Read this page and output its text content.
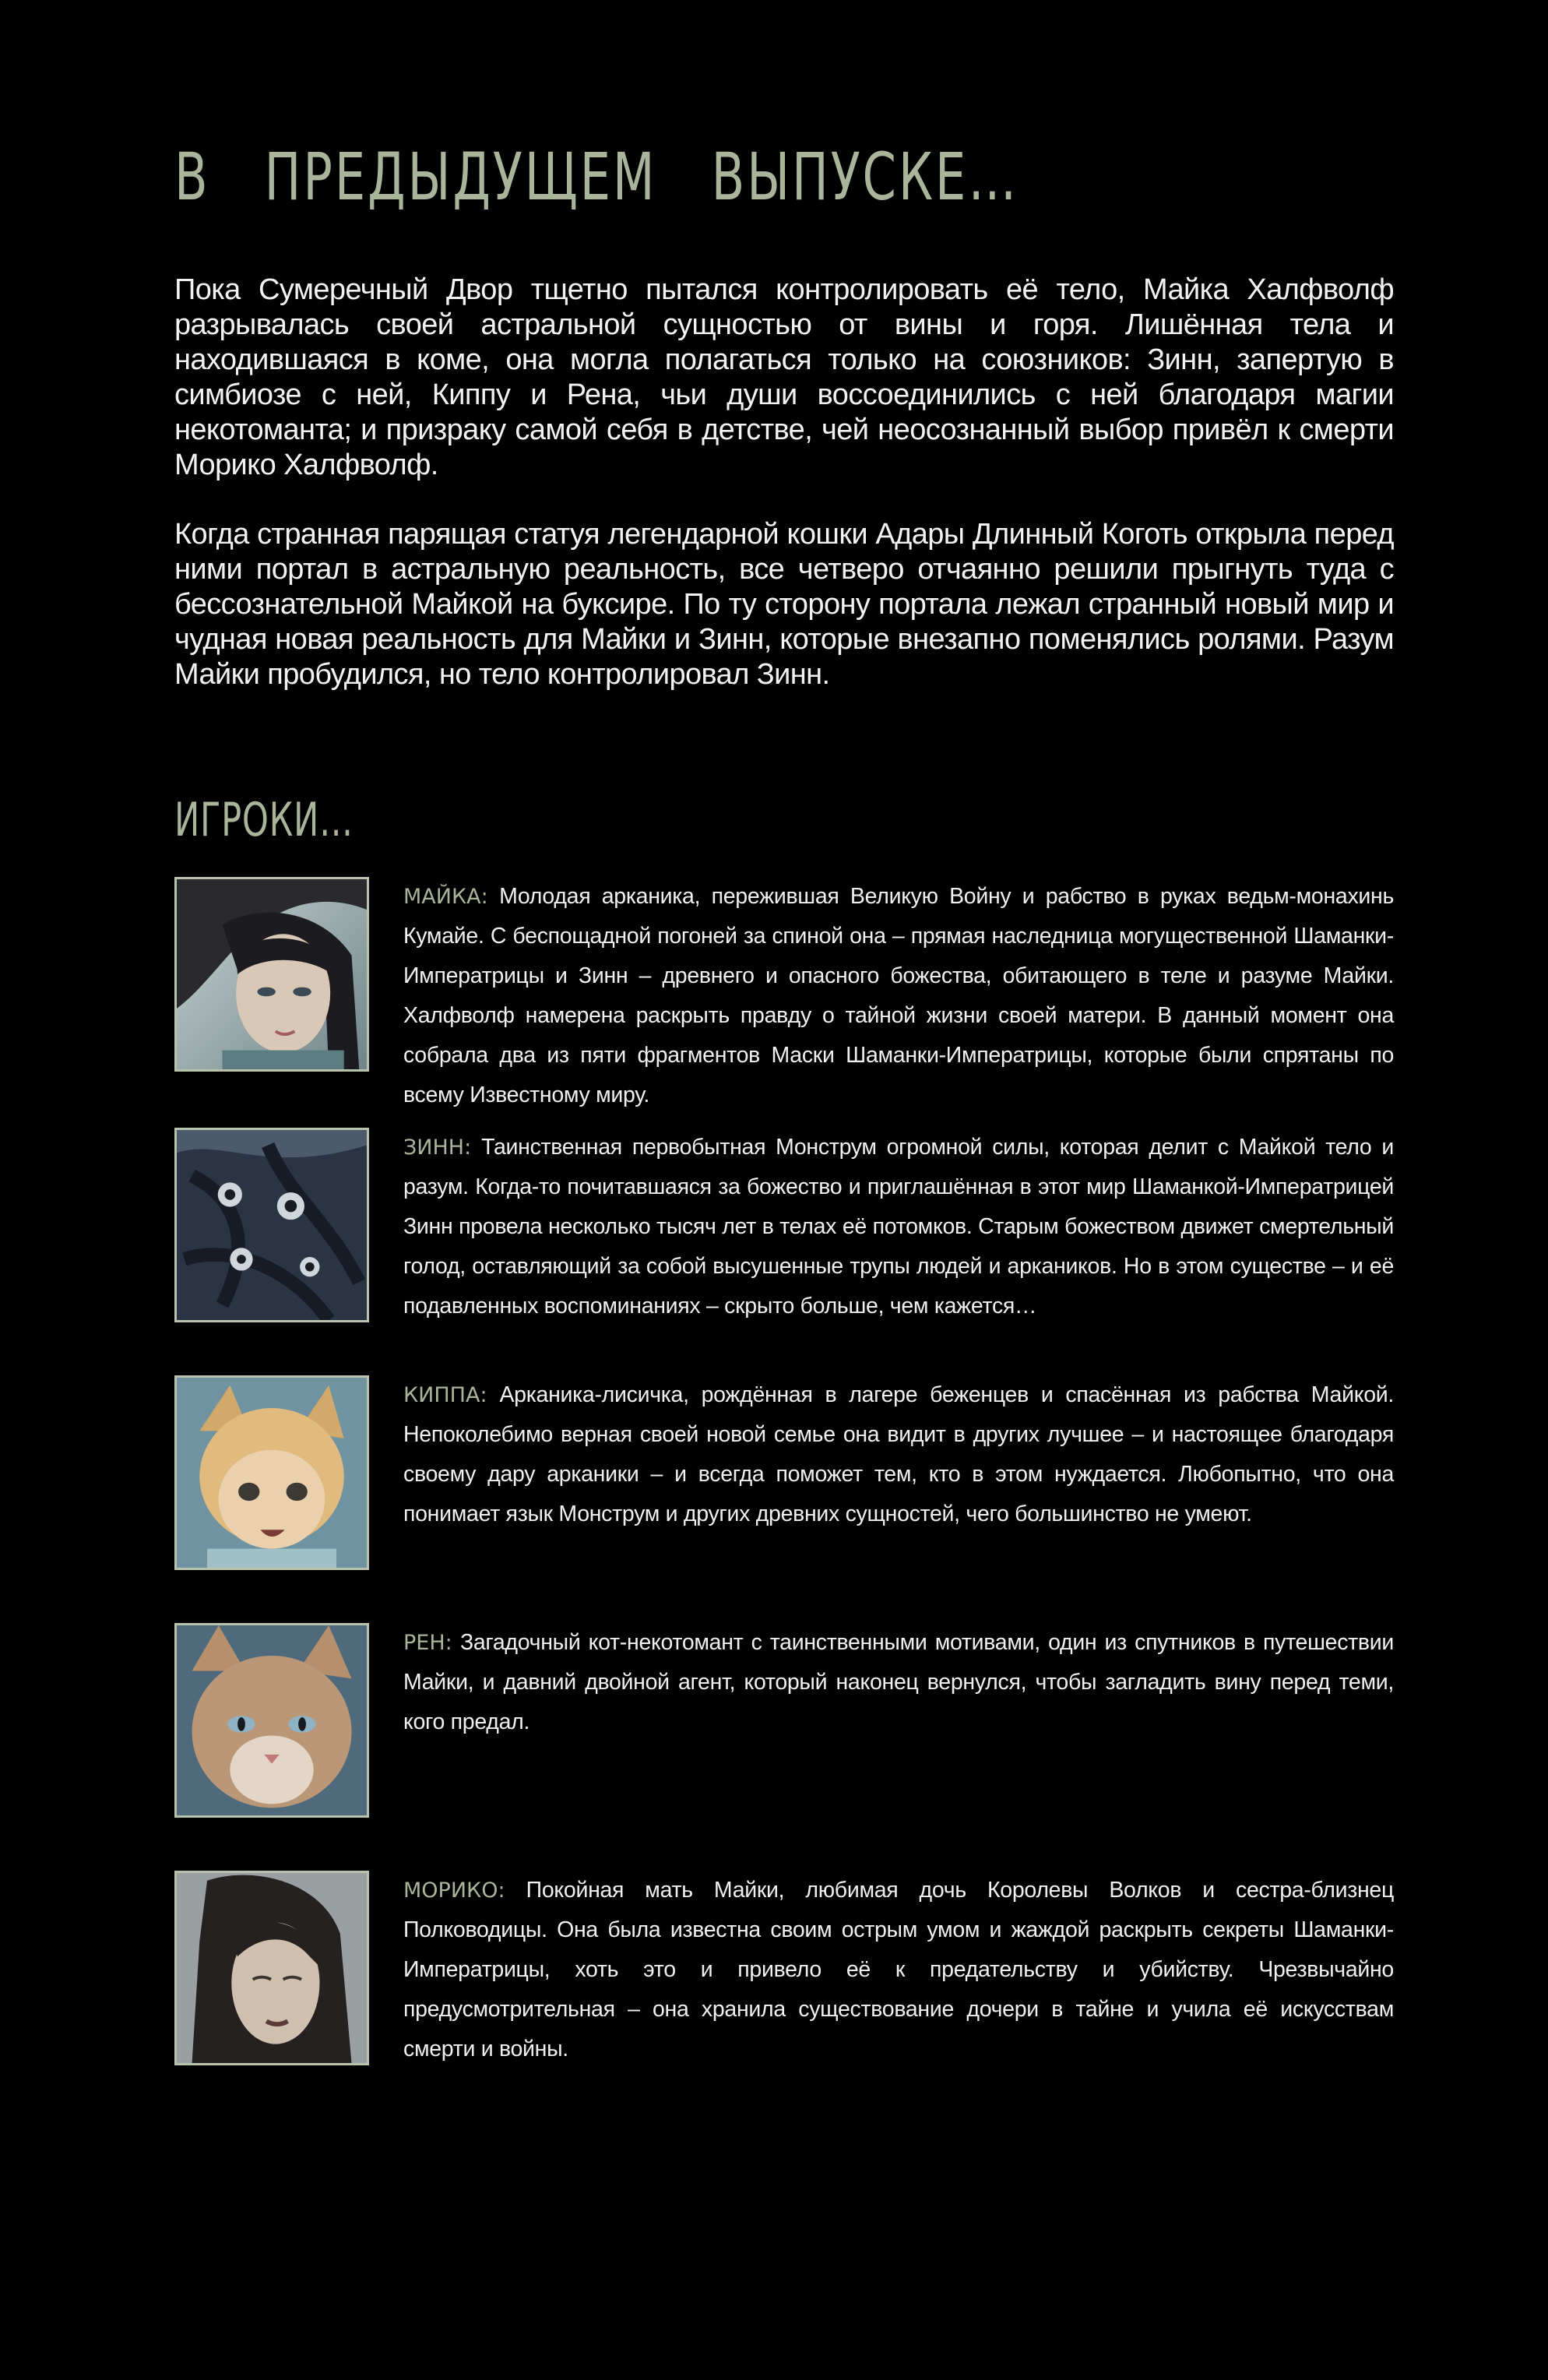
В ПРЕДЫДУЩЕМ ВЫПУСКЕ…

Пока Сумеречный Двор тщетно пытался контролировать её тело, Майка Халфволф разрывалась своей астральной сущностью от вины и горя. Лишённая тела и находившаяся в коме, она могла полагаться только на союзников: Зинн, запертую в симбиозе с ней, Киппу и Рена, чьи души воссоединились с ней благодаря магии некотоманта; и призраку самой себя в детстве, чей неосознанный выбор привёл к смерти Морико Халфволф.

Когда странная парящая статуя легендарной кошки Адары Длинный Коготь открыла перед ними портал в астральную реальность, все четверо отчаянно решили прыгнуть туда с бессознательной Майкой на буксире. По ту сторону портала лежал странный новый мир и чудная новая реальность для Майки и Зинн, которые внезапно поменялись ролями. Разум Майки пробудился, но тело контролировал Зинн.

ИГРОКИ…

МАЙКА: Молодая арканика, пережившая Великую Войну и рабство в руках ведьм-монахинь Кумайе. С беспощадной погоней за спиной она – прямая наследница могущественной Шаманки-Императрицы и Зинн – древнего и опасного божества, обитающего в теле и разуме Майки. Халфволф намерена раскрыть правду о тайной жизни своей матери. В данный момент она собрала два из пяти фрагментов Маски Шаманки-Императрицы, которые были спрятаны по всему Известному миру.

ЗИНН: Таинственная первобытная Монструм огромной силы, которая делит с Майкой тело и разум. Когда-то почитавшаяся за божество и приглашённая в этот мир Шаманкой-Императрицей Зинн провела несколько тысяч лет в телах её потомков. Старым божеством движет смертельный голод, оставляющий за собой высушенные трупы людей и аркаников. Но в этом существе – и её подавленных воспоминаниях – скрыто больше, чем кажется…

КИППА: Арканика-лисичка, рождённая в лагере беженцев и спасённая из рабства Майкой. Непоколебимо верная своей новой семье она видит в других лучшее – и настоящее благодаря своему дару арканики – и всегда поможет тем, кто в этом нуждается. Любопытно, что она понимает язык Монструм и других древних сущностей, чего большинство не умеют.

РЕН: Загадочный кот-некотомант с таинственными мотивами, один из спутников в путешествии Майки, и давний двойной агент, который наконец вернулся, чтобы загладить вину перед теми, кого предал.

МОРИКО: Покойная мать Майки, любимая дочь Королевы Волков и сестра-близнец Полководицы. Она была известна своим острым умом и жаждой раскрыть секреты Шаманки-Императрицы, хоть это и привело её к предательству и убийству. Чрезвычайно предусмотрительная – она хранила существование дочери в тайне и учила её искусствам смерти и войны.
